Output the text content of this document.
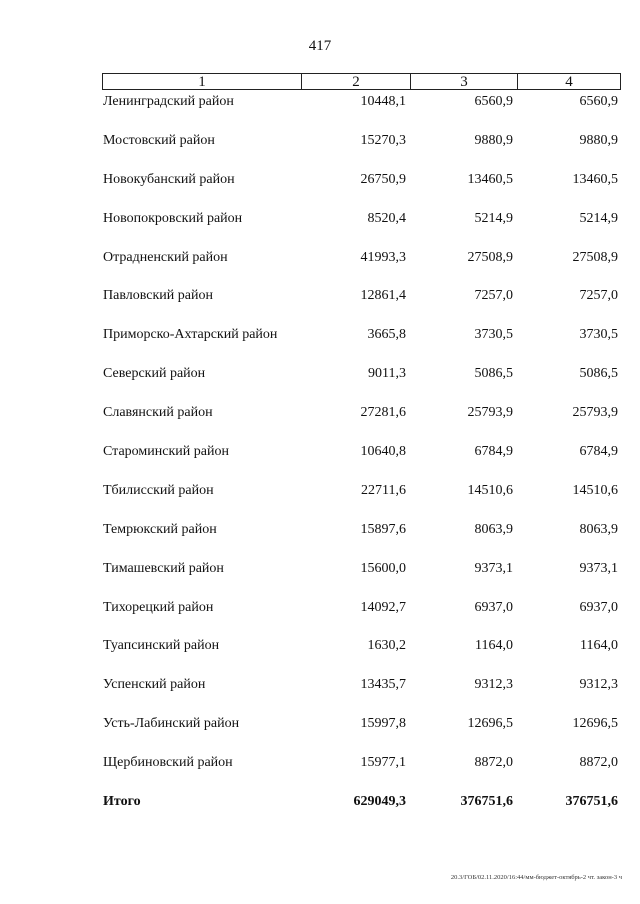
417
1	2	3	4
Ленинградский район	10448,1	6560,9	6560,9
Мостовский район	15270,3	9880,9	9880,9
Новокубанский район	26750,9	13460,5	13460,5
Новопокровский район	8520,4	5214,9	5214,9
Отрадненский район	41993,3	27508,9	27508,9
Павловский район	12861,4	7257,0	7257,0
Приморско-Ахтарский район	3665,8	3730,5	3730,5
Северский район	9011,3	5086,5	5086,5
Славянский район	27281,6	25793,9	25793,9
Староминский район	10640,8	6784,9	6784,9
Тбилисский район	22711,6	14510,6	14510,6
Темрюкский район	15897,6	8063,9	8063,9
Тимашевский район	15600,0	9373,1	9373,1
Тихорецкий район	14092,7	6937,0	6937,0
Туапсинский район	1630,2	1164,0	1164,0
Успенский район	13435,7	9312,3	9312,3
Усть-Лабинский район	15997,8	12696,5	12696,5
Щербиновский район	15977,1	8872,0	8872,0
Итого	629049,3	376751,6	376751,6
20.3/ГОБ/02.11.2020/16:44/мм-бюджет-октябрь-2 чт. закон-3 ч
